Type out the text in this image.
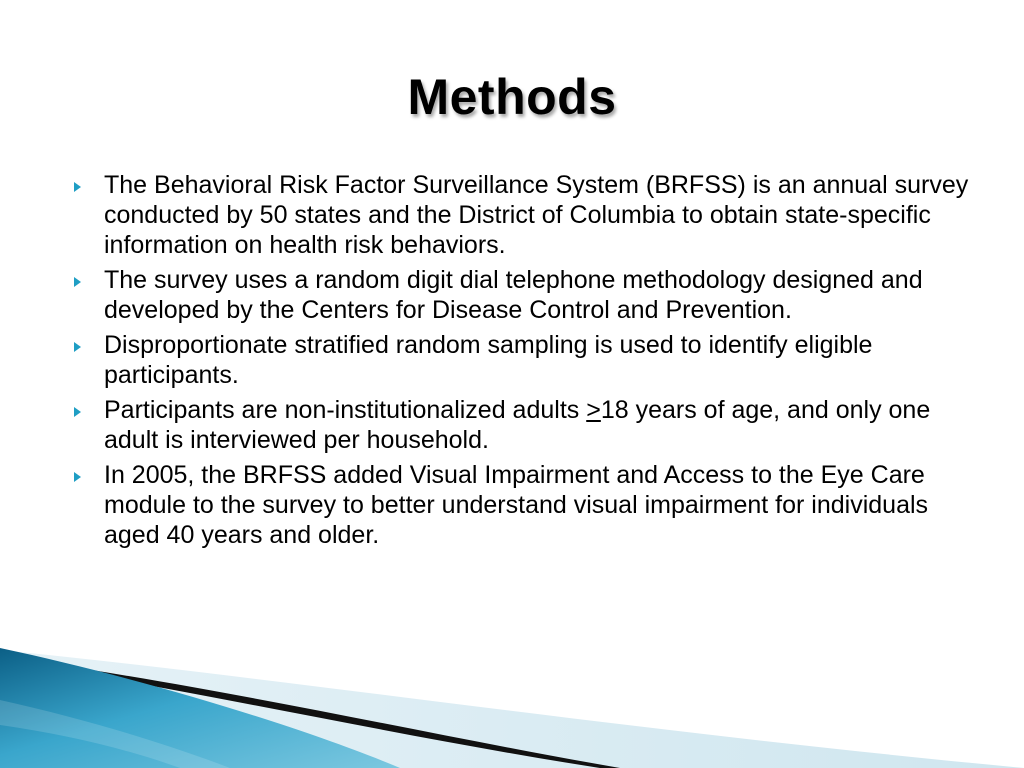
Methods
The Behavioral Risk Factor Surveillance System (BRFSS) is an annual survey conducted by 50 states and the District of Columbia to obtain state-specific information on health risk behaviors.
The survey uses a random digit dial telephone methodology designed and developed by the Centers for Disease Control and Prevention.
Disproportionate stratified random sampling is used to identify eligible participants.
Participants are non-institutionalized adults ≥18 years of age, and only one adult is interviewed per household.
In 2005, the BRFSS added Visual Impairment and Access to the Eye Care module to the survey to better understand visual impairment for individuals aged 40 years and older.
